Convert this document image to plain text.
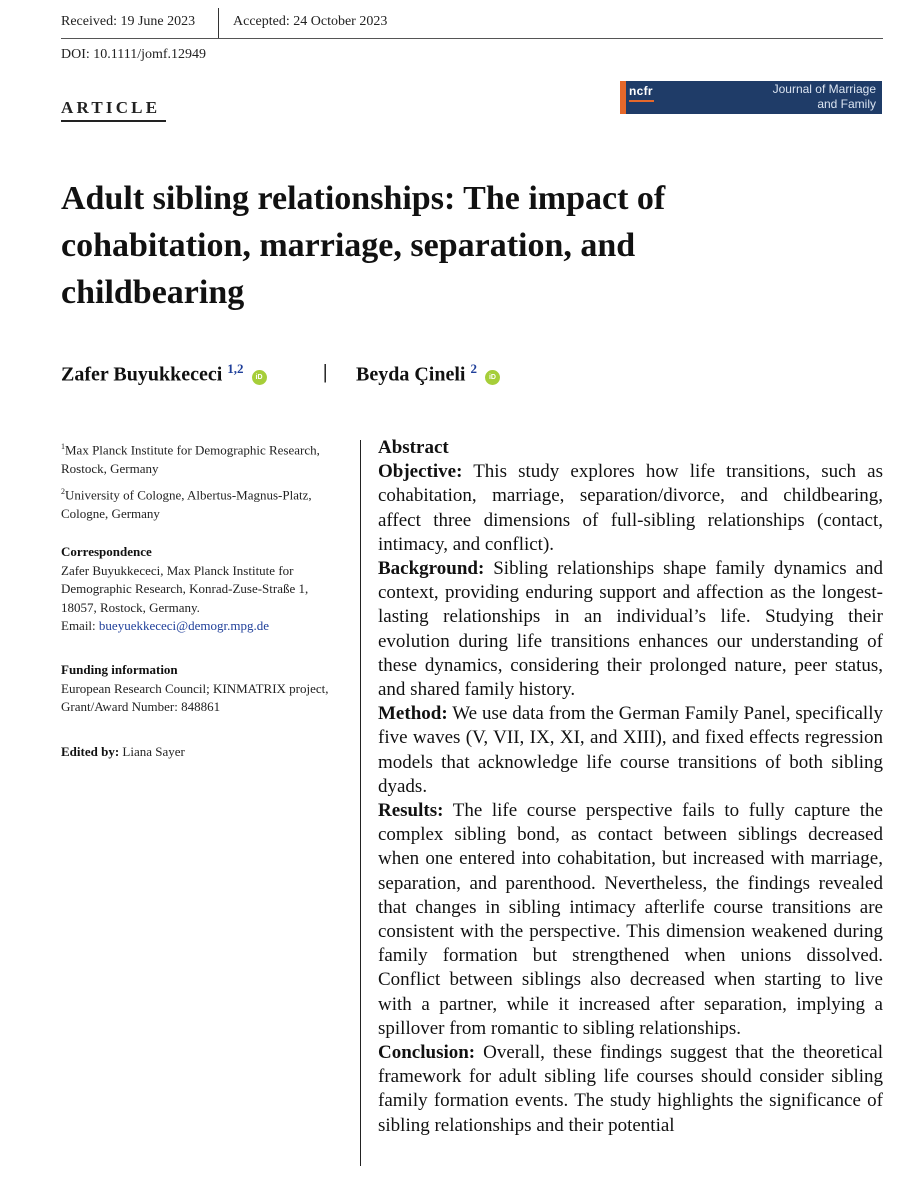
Received: 19 June 2023	Accepted: 24 October 2023
DOI: 10.1111/jomf.12949
ARTICLE
ncfr	Journal of Marriage
and Family
Adult sibling relationships: The impact of cohabitation, marriage, separation, and childbearing
Zafer Buyukkececi $^{1,2}$ iD	| Beyda Çineli $^2$ iD
$^1$Max Planck Institute for Demographic Research, Rostock, Germany
$^2$University of Cologne, Albertus-Magnus-Platz, Cologne, Germany
Correspondence
Zafer Buyukkececi, Max Planck Institute for Demographic Research, Konrad-Zuse-Straße 1, 18057, Rostock, Germany.
Email: bueyuekkececi@demogr.mpg.de
Funding information
European Research Council; KINMATRIX project, Grant/Award Number: 848861
Edited by: Liana Sayer

Abstract

Objective: This study explores how life transitions, such as cohabitation, marriage, separation/divorce, and childbearing, affect three dimensions of full-sibling relationships (contact, intimacy, and conflict).

Background: Sibling relationships shape family dynamics and context, providing enduring support and affection as the longest-lasting relationships in an individual’s life. Studying their evolution during life transitions enhances our understanding of these dynamics, considering their prolonged nature, peer status, and shared family history.

Method: We use data from the German Family Panel, specifically five waves (V, VII, IX, XI, and XIII), and fixed effects regression models that acknowledge life course transitions of both sibling dyads.

Results: The life course perspective fails to fully capture the complex sibling bond, as contact between siblings decreased when one entered into cohabitation, but increased with marriage, separation, and parenthood. Nevertheless, the findings revealed that changes in sibling intimacy afterlife course transitions are consistent with the perspective. This dimension weakened during family formation but strengthened when unions dissolved. Conflict between siblings also decreased when starting to live with a partner, while it increased after separation, implying a spillover from romantic to sibling relationships.

Conclusion: Overall, these findings suggest that the theoretical framework for adult sibling life courses should consider sibling family formation events. The study highlights the significance of sibling relationships and their potential
